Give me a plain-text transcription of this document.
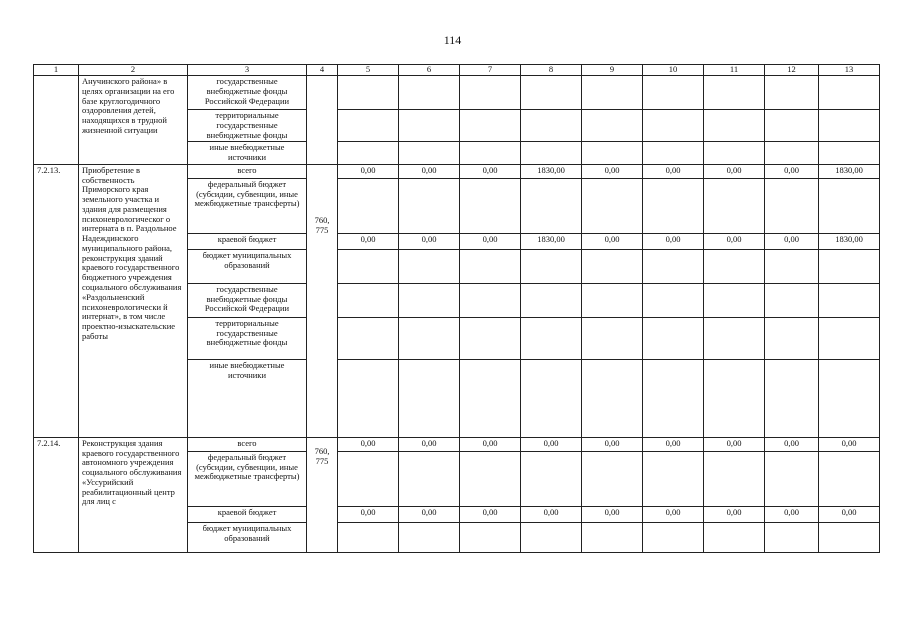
114
1	2	3	4	5	6	7	8	9	10	11	12	13
	Анучинского района» в целях организации на его базе круглогодичного оздоровления детей, находящихся в трудной жизненной ситуации	государственные внебюджетные фонды Российской Федерации										
		территориальные государственные внебюджетные фонды										
		иные внебюджетные источники										
7.2.13.	Приобретение в собственность Приморского края земельного участка и здания для размещения психоневрологическог о интерната в п. Раздольное Надеждинского муниципального района, реконструкция зданий краевого государственного бюджетного учреждения социального обслуживания «Раздольненский психоневрологически й интернат», в том числе проектно-изыскательские работы	всего	760, 775	0,00	0,00	0,00	1830,00	0,00	0,00	0,00	0,00	1830,00
		федеральный бюджет (субсидии, субвенции, иные межбюджетные трансферты)										
		краевой бюджет		0,00	0,00	0,00	1830,00	0,00	0,00	0,00	0,00	1830,00
		бюджет муниципальных образований										
		государственные внебюджетные фонды Российской Федерации										
		территориальные государственные внебюджетные фонды										
		иные внебюджетные источники										
7.2.14.	Реконструкция здания краевого государственного автономного учреждения социального обслуживания «Уссурийский реабилитационный центр для лиц с	всего	760, 775	0,00	0,00	0,00	0,00	0,00	0,00	0,00	0,00	0,00
		федеральный бюджет (субсидии, субвенции, иные межбюджетные трансферты)										
		краевой бюджет		0,00	0,00	0,00	0,00	0,00	0,00	0,00	0,00	0,00
		бюджет муниципальных образований										
